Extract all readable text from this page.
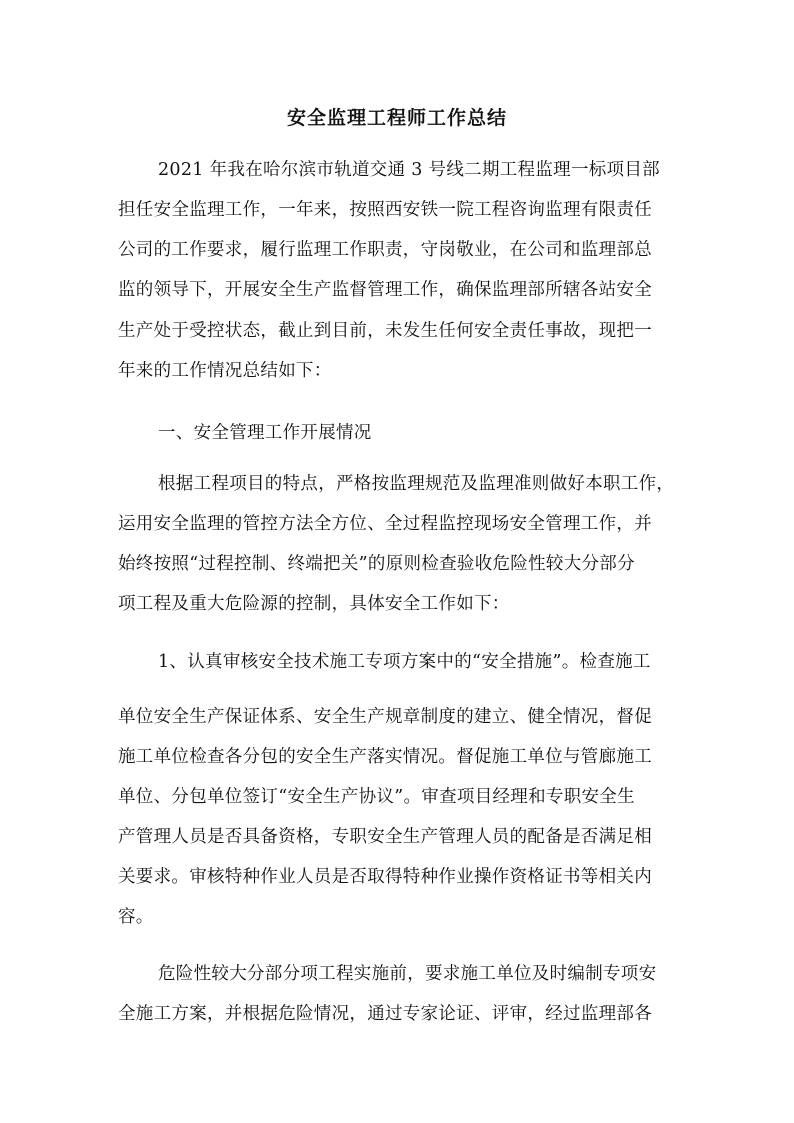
安全监理工程师工作总结
2021 年我在哈尔滨市轨道交通 3 号线二期工程监理一标项目部
担任安全监理工作，一年来，按照西安铁一院工程咨询监理有限责任
公司的工作要求，履行监理工作职责，守岗敬业，在公司和监理部总
监的领导下，开展安全生产监督管理工作，确保监理部所辖各站安全
生产处于受控状态，截止到目前，未发生任何安全责任事故，现把一
年来的工作情况总结如下：
一、安全管理工作开展情况
根据工程项目的特点，严格按监理规范及监理准则做好本职工作，
运用安全监理的管控方法全方位、全过程监控现场安全管理工作，并
始终按照“过程控制、终端把关”的原则检查验收危险性较大分部分
项工程及重大危险源的控制，具体安全工作如下：
1、认真审核安全技术施工专项方案中的“安全措施”。检查施工
单位安全生产保证体系、安全生产规章制度的建立、健全情况，督促
施工单位检查各分包的安全生产落实情况。督促施工单位与管廊施工
单位、分包单位签订“安全生产协议”。审查项目经理和专职安全生
产管理人员是否具备资格，专职安全生产管理人员的配备是否满足相
关要求。审核特种作业人员是否取得特种作业操作资格证书等相关内
容。
危险性较大分部分项工程实施前，要求施工单位及时编制专项安
全施工方案，并根据危险情况，通过专家论证、评审，经过监理部各
